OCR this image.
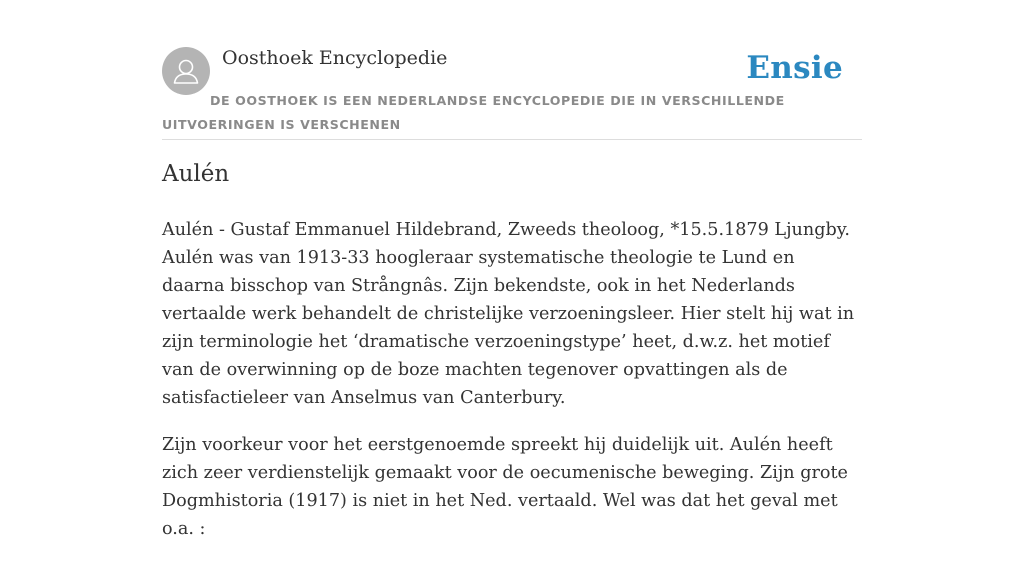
Oosthoek Encyclopedie	Ensie
DE OOSTHOEK IS EEN NEDERLANDSE ENCYCLOPEDIE DIE IN VERSCHILLENDE UITVOERINGEN IS VERSCHENEN
Aulén

Aulén - Gustaf Emmanuel Hildebrand, Zweeds theoloog, *15.5.1879 Ljungby. Aulén was van 1913-33 hoogleraar systematische theologie te Lund en daarna bisschop van Strångnâs. Zijn bekendste, ook in het Nederlands vertaalde werk behandelt de christelijke verzoeningsleer. Hier stelt hij wat in zijn terminologie het ‘dramatische verzoeningstype’ heet, d.w.z. het motief van de overwinning op de boze machten tegenover opvattingen als de satisfactieleer van Anselmus van Canterbury.

Zijn voorkeur voor het eerstgenoemde spreekt hij duidelijk uit. Aulén heeft zich zeer verdienstelijk gemaakt voor de oecumenische beweging. Zijn grote Dogmhistoria (1917) is niet in het Ned. vertaald. Wel was dat het geval met o.a. :
